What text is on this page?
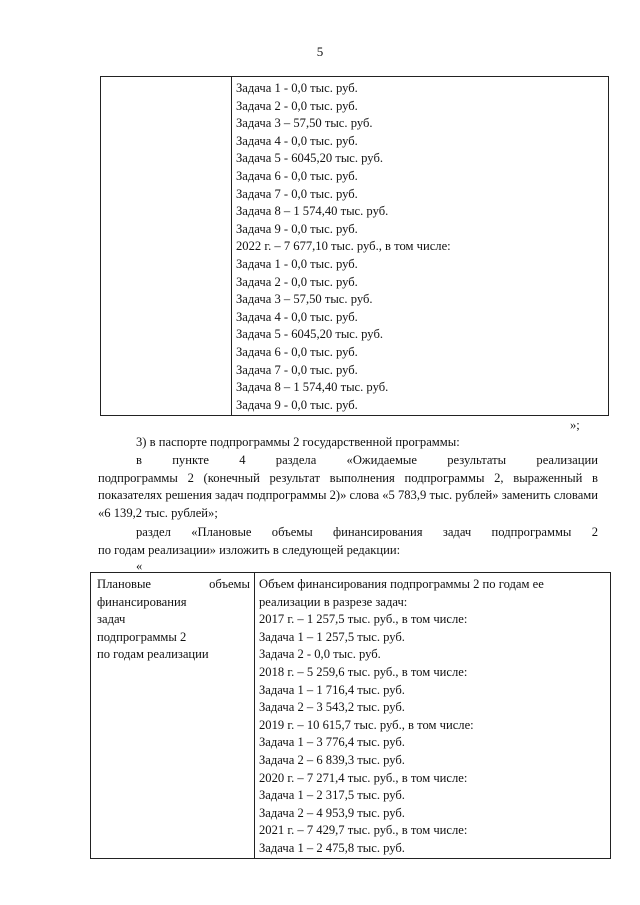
5

Задача 1 - 0,0 тыс. руб.
Задача 2 - 0,0 тыс. руб.
Задача 3 – 57,50 тыс. руб.
Задача 4 - 0,0 тыс. руб.
Задача 5 - 6045,20 тыс. руб.
Задача 6 - 0,0 тыс. руб.
Задача 7 - 0,0 тыс. руб.
Задача 8 – 1 574,40 тыс. руб.
Задача 9 - 0,0 тыс. руб.
2022 г. – 7 677,10 тыс. руб., в том числе:
Задача 1 - 0,0 тыс. руб.
Задача 2 - 0,0 тыс. руб.
Задача 3 – 57,50 тыс. руб.
Задача 4 - 0,0 тыс. руб.
Задача 5 - 6045,20 тыс. руб.
Задача 6 - 0,0 тыс. руб.
Задача 7 - 0,0 тыс. руб.
Задача 8 – 1 574,40 тыс. руб.
Задача 9 - 0,0 тыс. руб.
»;
3) в паспорте подпрограммы 2 государственной программы:
в пункте 4 раздела «Ожидаемые результаты реализации
подпрограммы 2 (конечный результат выполнения подпрограммы 2, выраженный в показателях решения задач подпрограммы 2)» слова «5 783,9 тыс. рублей» заменить словами «6 139,2 тыс. рублей»;
раздел «Плановые объемы финансирования задач подпрограммы 2
по годам реализации» изложить в следующей редакции:
«
Плановые	объемы
финансирования
задач
подпрограммы 2
по годам реализации

Объем финансирования подпрограммы 2 по годам ее
реализации в разрезе задач:
2017 г. – 1 257,5 тыс. руб., в том числе:
Задача 1 – 1 257,5 тыс. руб.
Задача 2 - 0,0 тыс. руб.
2018 г. – 5 259,6 тыс. руб., в том числе:
Задача 1 – 1 716,4 тыс. руб.
Задача 2 – 3 543,2 тыс. руб.
2019 г. – 10 615,7 тыс. руб., в том числе:
Задача 1 – 3 776,4 тыс. руб.
Задача 2 – 6 839,3 тыс. руб.
2020 г. – 7 271,4 тыс. руб., в том числе:
Задача 1 – 2 317,5 тыс. руб.
Задача 2 – 4 953,9 тыс. руб.
2021 г. – 7 429,7 тыс. руб., в том числе:
Задача 1 – 2 475,8 тыс. руб.
